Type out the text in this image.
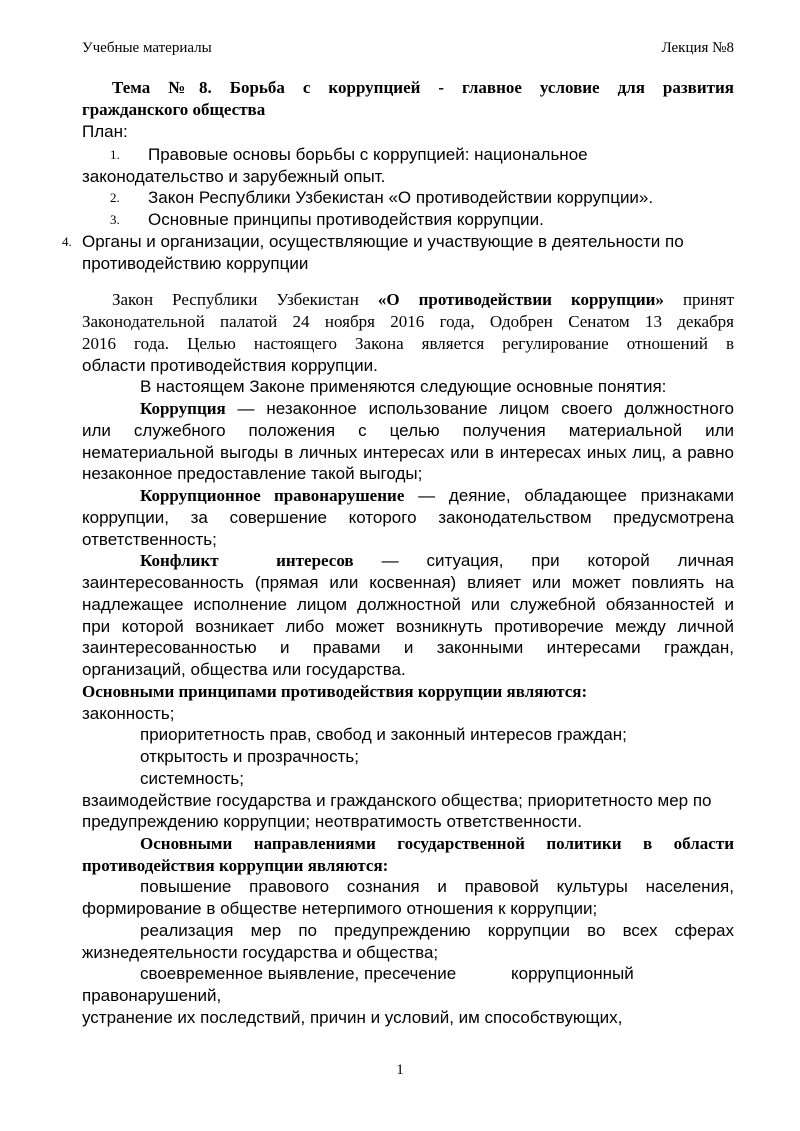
Учебные материалы	Лекция №8
Тема №8. Борьба с коррупцией - главное условие для развития
гражданского общества
План:
1. Правовые основы борьбы с коррупцией: национальное
законодательство и зарубежный опыт.
2. Закон Республики Узбекистан «О противодействии коррупции».
3. Основные принципы противодействия коррупции.
4. Органы и организации, осуществляющие и участвующие в деятельности по
противодействию коррупции
Закон Республики Узбекистан «О противодействии коррупции» принят
Законодательной палатой 24 ноября 2016 года, Одобрен Сенатом 13 декабря
2016 года. Целью настоящего Закона является регулирование отношений в
области противодействия коррупции.
В настоящем Законе применяются следующие основные понятия:
Коррупция — незаконное использование лицом своего должностного
или служебного положения с целью получения материальной или
нематериальной выгоды в личных интересах или в интересах иных лиц, а равно
незаконное предоставление такой выгоды;
Коррупционное правонарушение — деяние, обладающее признаками
коррупции, за совершение которого законодательством предусмотрена
ответственность;
Конфликт интересов — ситуация, при которой личная
заинтересованность (прямая или косвенная) влияет или может повлиять на
надлежащее исполнение лицом должностной или служебной обязанностей и
при которой возникает либо может возникнуть противоречие между личной
заинтересованностью и правами и законными интересами граждан,
организаций, общества или государства.
Основными принципами противодействия коррупции являются:
законность;
приоритетность прав, свобод и законный интересов граждан;
открытость и прозрачность;
системность;
взаимодействие государства и гражданского общества; приоритетносто мер по
предупреждению коррупции; неотвратимость ответственности.
Основными направлениями государственной политики в области
противодействия коррупции являются:
повышение правового сознания и правовой культуры населения,
формирование в обществе нетерпимого отношения к коррупции;
реализация мер по предупреждению коррупции во всех сферах
жизнедеятельности государства и общества;
своевременное выявление, пресечение	коррупционный
правонарушений,
устранение их последствий, причин и условий, им способствующих,
1
